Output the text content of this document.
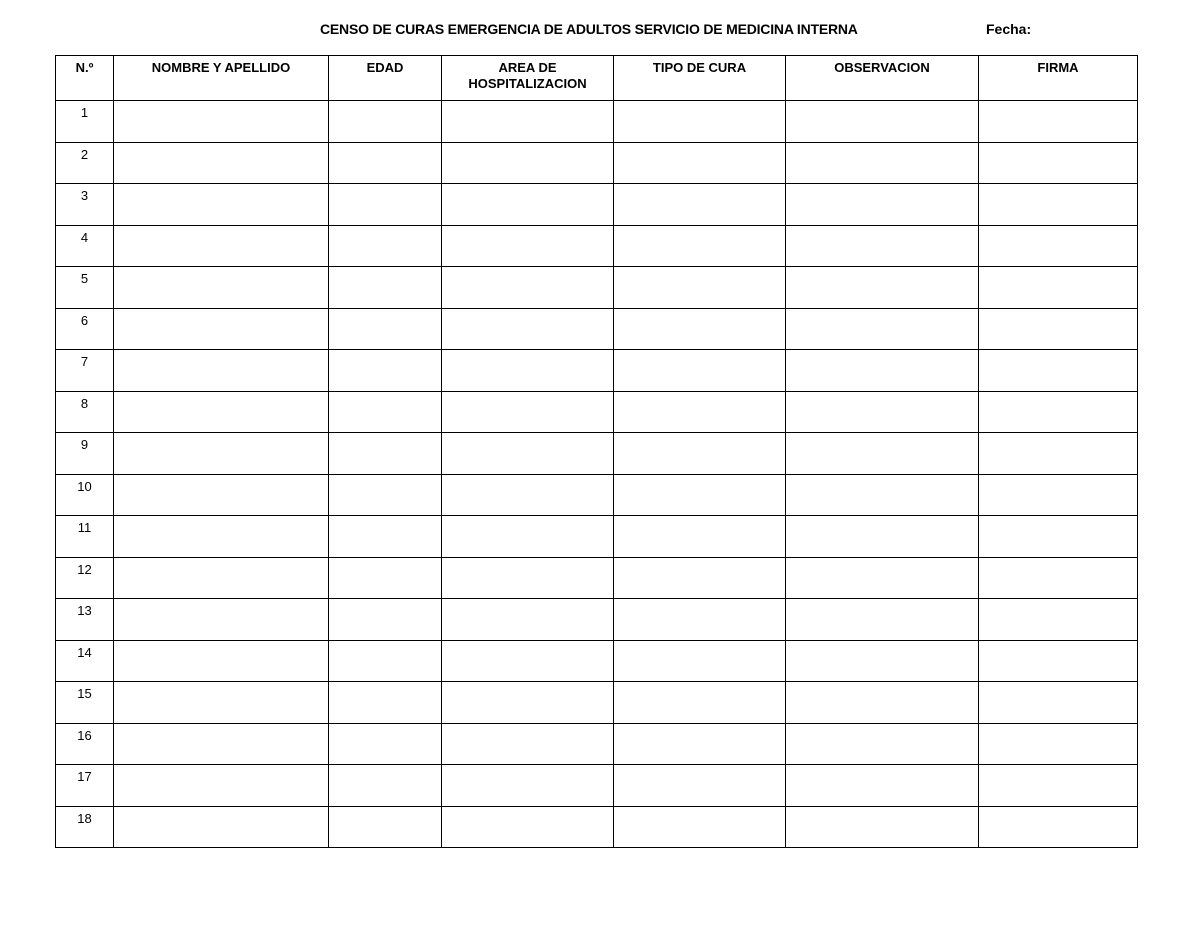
CENSO DE CURAS EMERGENCIA DE ADULTOS SERVICIO DE MEDICINA INTERNA	Fecha:
N.º	NOMBRE Y APELLIDO	EDAD	AREA DE HOSPITALIZACION	TIPO DE CURA	OBSERVACION	FIRMA
1						
2						
3						
4						
5						
6						
7						
8						
9						
10						
11						
12						
13						
14						
15						
16						
17						
18						
